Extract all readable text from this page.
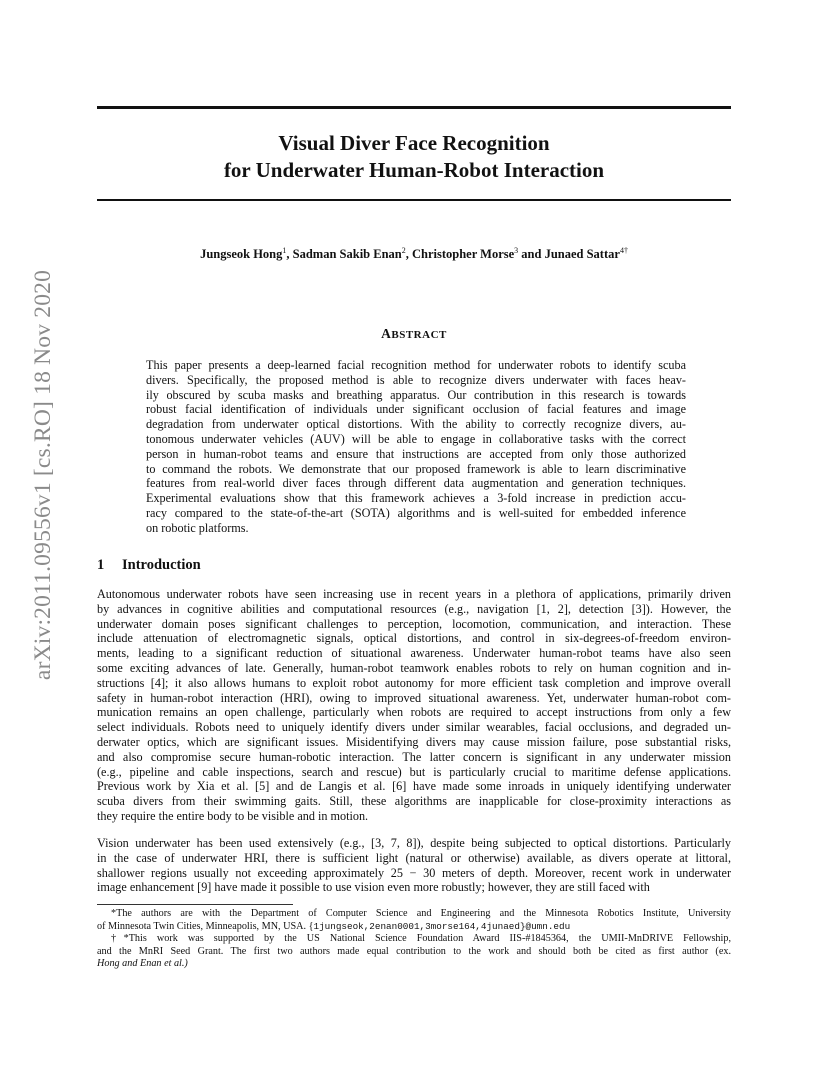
arXiv:2011.09556v1 [cs.RO] 18 Nov 2020
Visual Diver Face Recognition
for Underwater Human-Robot Interaction
Jungseok Hong$^1$, Sadman Sakib Enan$^2$, Christopher Morse$^3$ and Junaed Sattar$^{4\dagger}$
ABSTRACT
This paper presents a deep-learned facial recognition method for underwater robots to identify scuba
divers. Specifically, the proposed method is able to recognize divers underwater with faces heav-
ily obscured by scuba masks and breathing apparatus. Our contribution in this research is towards
robust facial identification of individuals under significant occlusion of facial features and image
degradation from underwater optical distortions. With the ability to correctly recognize divers, au-
tonomous underwater vehicles (AUV) will be able to engage in collaborative tasks with the correct
person in human-robot teams and ensure that instructions are accepted from only those authorized
to command the robots. We demonstrate that our proposed framework is able to learn discriminative
features from real-world diver faces through different data augmentation and generation techniques.
Experimental evaluations show that this framework achieves a 3-fold increase in prediction accu-
racy compared to the state-of-the-art (SOTA) algorithms and is well-suited for embedded inference
on robotic platforms.
1 Introduction
Autonomous underwater robots have seen increasing use in recent years in a plethora of applications, primarily driven
by advances in cognitive abilities and computational resources (e.g., navigation [1, 2], detection [3]). However, the
underwater domain poses significant challenges to perception, locomotion, communication, and interaction. These
include attenuation of electromagnetic signals, optical distortions, and control in six-degrees-of-freedom environ-
ments, leading to a significant reduction of situational awareness. Underwater human-robot teams have also seen
some exciting advances of late. Generally, human-robot teamwork enables robots to rely on human cognition and in-
structions [4]; it also allows humans to exploit robot autonomy for more efficient task completion and improve overall
safety in human-robot interaction (HRI), owing to improved situational awareness. Yet, underwater human-robot com-
munication remains an open challenge, particularly when robots are required to accept instructions from only a few
select individuals. Robots need to uniquely identify divers under similar wearables, facial occlusions, and degraded un-
derwater optics, which are significant issues. Misidentifying divers may cause mission failure, pose substantial risks,
and also compromise secure human-robotic interaction. The latter concern is significant in any underwater mission
(e.g., pipeline and cable inspections, search and rescue) but is particularly crucial to maritime defense applications.
Previous work by Xia et al. [5] and de Langis et al. [6] have made some inroads in uniquely identifying underwater
scuba divers from their swimming gaits. Still, these algorithms are inapplicable for close-proximity interactions as
they require the entire body to be visible and in motion.
Vision underwater has been used extensively (e.g., [3, 7, 8]), despite being subjected to optical distortions. Particularly
in the case of underwater HRI, there is sufficient light (natural or otherwise) available, as divers operate at littoral,
shallower regions usually not exceeding approximately 25 − 30 meters of depth. Moreover, recent work in underwater
image enhancement [9] have made it possible to use vision even more robustly; however, they are still faced with
*The authors are with the Department of Computer Science and Engineering and the Minnesota Robotics Institute, University
of Minnesota Twin Cities, Minneapolis, MN, USA. {1jungseok,2enan0001,3morse164,4junaed}@umn.edu
†*This work was supported by the US National Science Foundation Award IIS-#1845364, the UMII-MnDRIVE Fellowship,
and the MnRI Seed Grant. The first two authors made equal contribution to the work and should both be cited as first author (ex.
Hong and Enan et al.)
